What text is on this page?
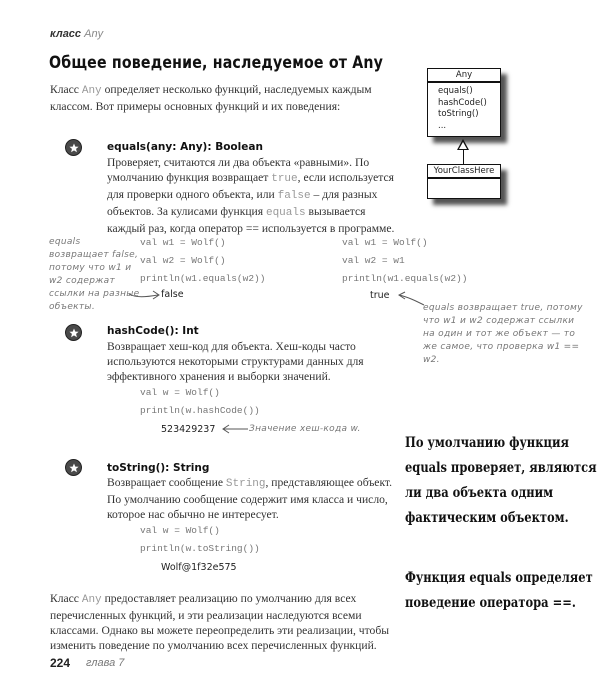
класс Any
Общее поведение, наследуемое от Any
Класс Any определяет несколько функций, наследуемых каждым классом. Вот примеры основных функций и их поведения:
Any
equals()
hashCode()
toString()
...
YourClassHere
equals(any: Any): Boolean
Проверяет, считаются ли два объекта «равными». По умолчанию функция возвращает true, если используется для проверки одного объекта, или false – для разных объектов. За кулисами функция equals вызывается каждый раз, когда оператор == используется в программе.
equals возвращает false, потому что w1 и w2 содержат ссылки на разные объекты.
val w1 = Wolf()
val w2 = Wolf()
println(w1.equals(w2))
false
val w1 = Wolf()
val w2 = w1
println(w1.equals(w2))
true
equals возвращает true, потому что w1 и w2 содержат ссылки на один и тот же объект — то же самое, что проверка w1 == w2.
hashCode(): Int
Возвращает хеш-код для объекта. Хеш-коды часто используются некоторыми структурами данных для эффективного хранения и выборки значений.
val w = Wolf()
println(w.hashCode())
523429237	Значение хеш-кода w.
toString(): String
Возвращает сообщение String, представляющее объект. По умолчанию сообщение содержит имя класса и число, которое нас обычно не интересует.
val w = Wolf()
println(w.toString())
Wolf@1f32e575
По умолчанию функция equals проверяет, являются ли два объекта одним фактическим объектом.
Функция equals определяет поведение оператора ==.
Класс Any предоставляет реализацию по умолчанию для всех перечисленных функций, и эти реализации наследуются всеми классами. Однако вы можете переопределить эти реализации, чтобы изменить поведение по умолчанию всех перечисленных функций.
224 глава 7
